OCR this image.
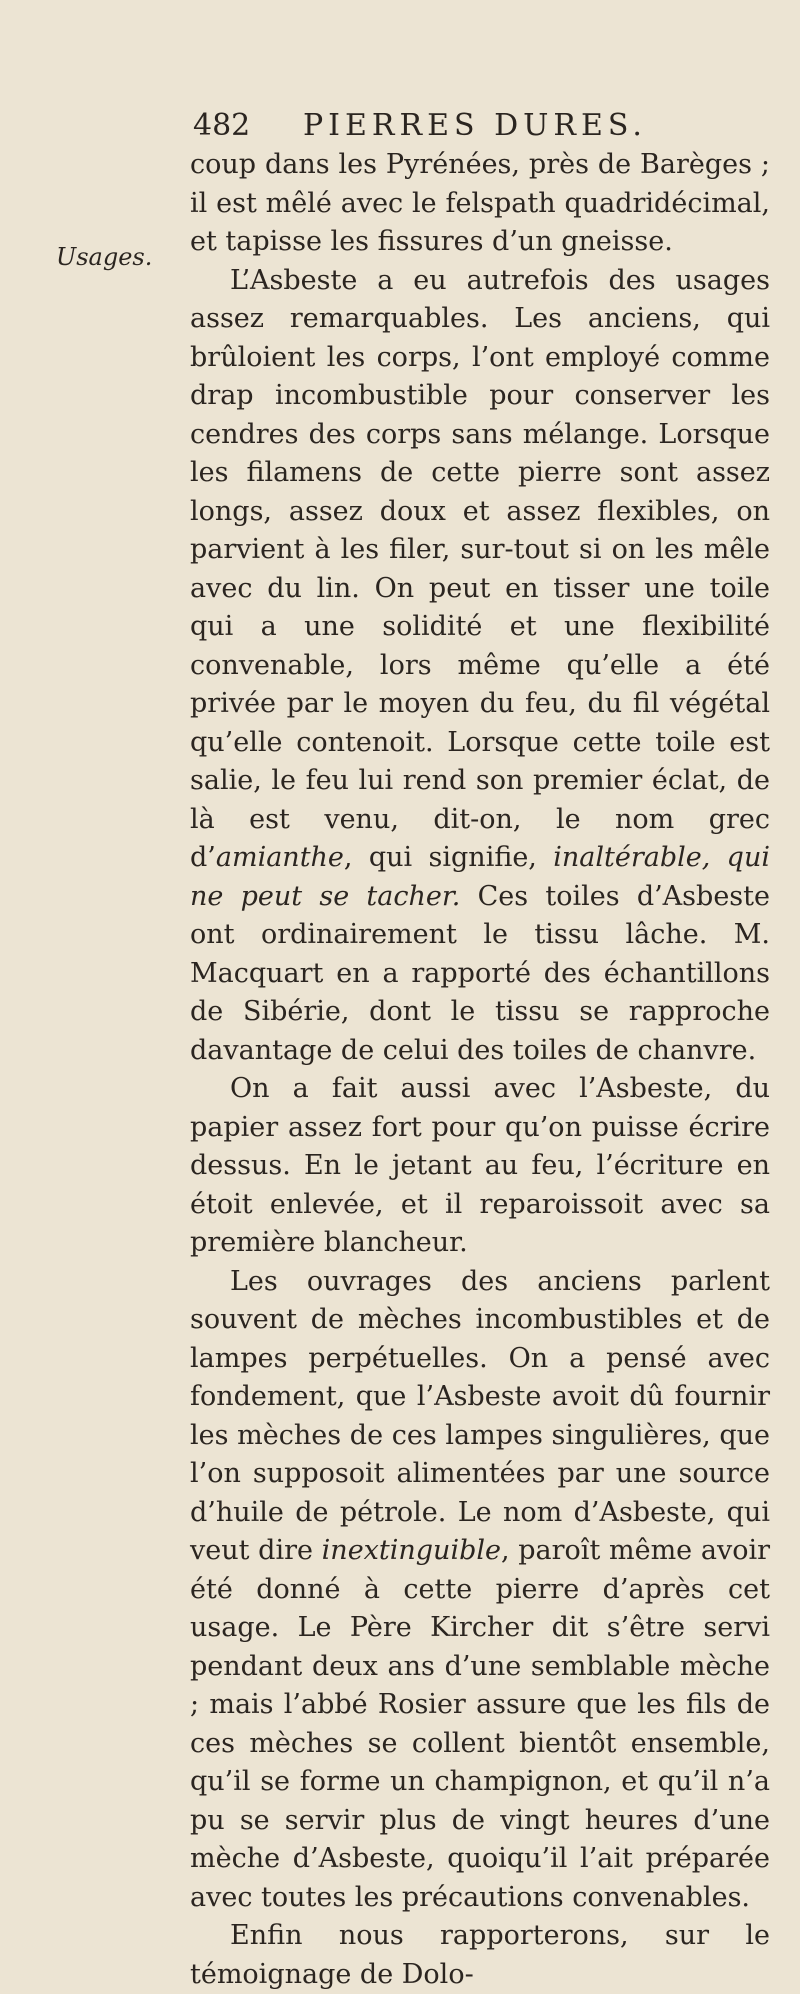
482 PIERRES DURES.
Usages.

coup dans les Pyrénées, près de Barèges ; il est mêlé avec le felspath quadridécimal, et tapisse les fissures d’un gneisse.

L’Asbeste a eu autrefois des usages assez remarquables. Les anciens, qui brûloient les corps, l’ont employé comme drap incombustible pour conserver les cendres des corps sans mélange. Lorsque les filamens de cette pierre sont assez longs, assez doux et assez flexibles, on parvient à les filer, sur-tout si on les mêle avec du lin. On peut en tisser une toile qui a une solidité et une flexibilité convenable, lors même qu’elle a été privée par le moyen du feu, du fil végétal qu’elle contenoit. Lorsque cette toile est salie, le feu lui rend son premier éclat, de là est venu, dit-on, le nom grec d’amianthe, qui signifie, inaltérable, qui ne peut se tacher. Ces toiles d’Asbeste ont ordinairement le tissu lâche. M. Macquart en a rapporté des échantillons de Sibérie, dont le tissu se rapproche davantage de celui des toiles de chanvre.

On a fait aussi avec l’Asbeste, du papier assez fort pour qu’on puisse écrire dessus. En le jetant au feu, l’écriture en étoit enlevée, et il reparoissoit avec sa première blancheur.

Les ouvrages des anciens parlent souvent de mèches incombustibles et de lampes perpétuelles. On a pensé avec fondement, que l’Asbeste avoit dû fournir les mèches de ces lampes singulières, que l’on supposoit alimentées par une source d’huile de pétrole. Le nom d’Asbeste, qui veut dire inextinguible, paroît même avoir été donné à cette pierre d’après cet usage. Le Père Kircher dit s’être servi pendant deux ans d’une semblable mèche ; mais l’abbé Rosier assure que les fils de ces mèches se collent bientôt ensemble, qu’il se forme un champignon, et qu’il n’a pu se servir plus de vingt heures d’une mèche d’Asbeste, quoiqu’il l’ait préparée avec toutes les précautions convenables.

Enfin nous rapporterons, sur le témoignage de Dolo-
